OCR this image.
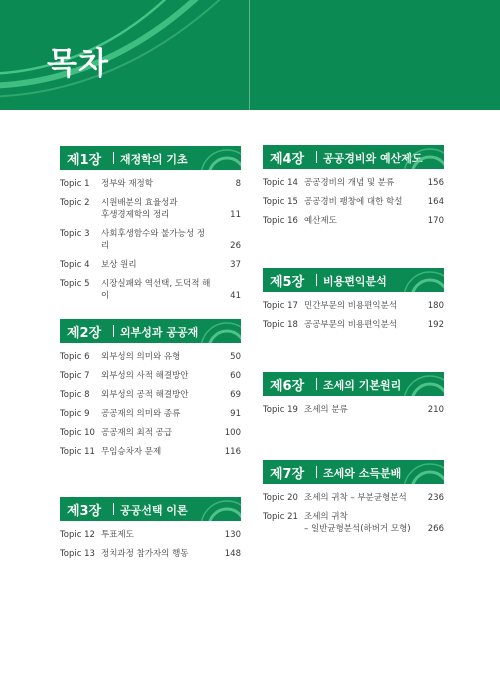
목차
제1장 재정학의 기초
Topic 1 정부와 재정학	8
Topic 2 시원배분의 효율성과
후생경제학의 정리	11
Topic 3 사회후생함수와 불가능성 정리	26
Topic 4 보상 원리	37
Topic 5 시장실패와 역선택, 도덕적 해이	41
제2장 외부성과 공공재
Topic 6 외부성의 의미와 유형	50
Topic 7 외부성의 사적 해결방안	60
Topic 8 외부성의 공적 해결방안	69
Topic 9 공공재의 의미와 종류	91
Topic 10 공공재의 최적 공급	100
Topic 11 무임승차자 문제	116
제3장 공공선택 이론
Topic 12 투표제도	130
Topic 13 정치과정 참가자의 행동	148
제4장 공공경비와 예산제도
Topic 14 공공경비의 개념 및 분류	156
Topic 15 공공경비 팽창에 대한 학설	164
Topic 16 예산제도	170
제5장 비용편익분석
Topic 17 민간부문의 비용편익분석	180
Topic 18 공공부문의 비용편익분석	192
제6장 조세의 기본원리
Topic 19 조세의 분류	210
제7장 조세와 소득분배
Topic 20 조세의 귀착 – 부분균형분석	236
Topic 21 조세의 귀착
– 일반균형분석(하버거 모형)	266
